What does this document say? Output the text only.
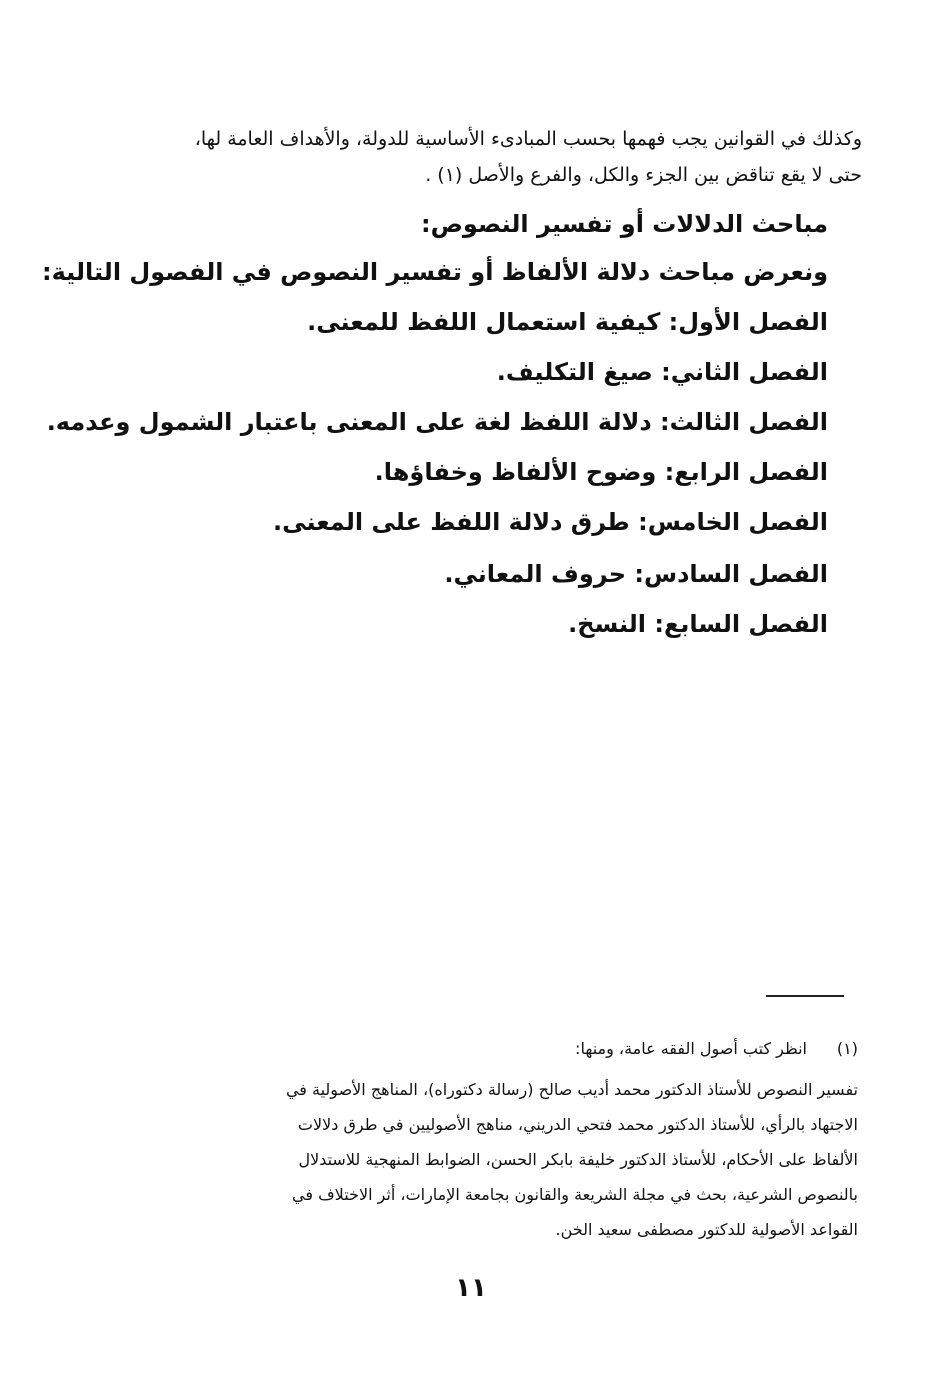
وكذلك في القوانين يجب فهمها بحسب المبادىء الأساسية للدولة، والأهداف العامة لها،
حتى لا يقع تناقض بين الجزء والكل، والفرع والأصل (١) .
مباحث الدلالات أو تفسير النصوص:
ونعرض مباحث دلالة الألفاظ أو تفسير النصوص في الفصول التالية:
الفصل الأول: كيفية استعمال اللفظ للمعنى.
الفصل الثاني: صيغ التكليف.
الفصل الثالث: دلالة اللفظ لغة على المعنى باعتبار الشمول وعدمه.
الفصل الرابع: وضوح الألفاظ وخفاؤها.
الفصل الخامس: طرق دلالة اللفظ على المعنى.
الفصل السادس: حروف المعاني.
الفصل السابع: النسخ.
(١)
انظر كتب أصول الفقه عامة، ومنها:
تفسير النصوص للأستاذ الدكتور محمد أديب صالح (رسالة دكتوراه)، المناهج الأصولية في
الاجتهاد بالرأي، للأستاذ الدكتور محمد فتحي الدريني، مناهج الأصوليين في طرق دلالات
الألفاظ على الأحكام، للأستاذ الدكتور خليفة بابكر الحسن، الضوابط المنهجية للاستدلال
بالنصوص الشرعية، بحث في مجلة الشريعة والقانون بجامعة الإمارات، أثر الاختلاف في
القواعد الأصولية للدكتور مصطفى سعيد الخن.
١١
